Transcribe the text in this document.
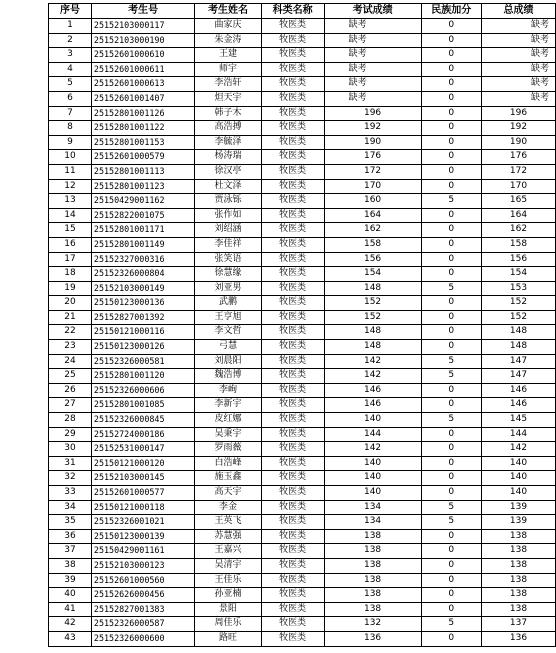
序号	考生号	考生姓名	科类名称	考试成绩	民族加分	总成绩
1	25152103000117	曲家庆	牧医类	缺考	0	缺考
2	25152103000190	朱金涛	牧医类	缺考	0	缺考
3	25152601000610	王建	牧医类	缺考	0	缺考
4	25152601000611	师宇	牧医类	缺考	0	缺考
5	25152601000613	李浩轩	牧医类	缺考	0	缺考
6	25152601001407	炟天宇	牧医类	缺考	0	缺考
7	25152801001126	韩子木	牧医类	196	0	196
8	25152801001122	高浩搏	牧医类	192	0	192
9	25152801001153	李毓泽	牧医类	190	0	190
10	25152601000579	杨涛瑞	牧医类	176	0	176
11	25152801001113	徐汉亭	牧医类	172	0	172
12	25152801001123	杜文泽	牧医类	170	0	170
13	25150429001162	贾泳铄	牧医类	160	5	165
14	25152822001075	张作如	牧医类	164	0	164
15	25152801001171	刘绍涵	牧医类	162	0	162
16	25152801001149	李佳祥	牧医类	158	0	158
17	25152327000316	张笑语	牧医类	156	0	156
18	25152326000804	徐慧缘	牧医类	154	0	154
19	25152103000149	刘亚男	牧医类	148	5	153
20	25150123000136	武鹏	牧医类	152	0	152
21	25152827001392	王亨旭	牧医类	152	0	152
22	25150121000116	李文哲	牧医类	148	0	148
23	25150123000126	弓慧	牧医类	148	0	148
24	25152326000581	刘晨阳	牧医类	142	5	147
25	25152801001120	魏浩博	牧医类	142	5	147
26	25152326000606	李峋	牧医类	146	0	146
27	25152801001085	李新宇	牧医类	146	0	146
28	25152326000845	皮红娜	牧医类	140	5	145
29	25152724000186	吴秉宇	牧医类	144	0	144
30	25152531000147	罗雨薇	牧医类	142	0	142
31	25150121000120	白浩峰	牧医类	140	0	140
32	25152103000145	施玉鑫	牧医类	140	0	140
33	25152601000577	高天宇	牧医类	140	0	140
34	25150121000118	李金	牧医类	134	5	139
35	25152326001021	王英飞	牧医类	134	5	139
36	25150123000139	苏慧强	牧医类	138	0	138
37	25150429001161	王嘉兴	牧医类	138	0	138
38	25152103000123	吴清宇	牧医类	138	0	138
39	25152601000560	王佳乐	牧医类	138	0	138
40	25152626000456	孙亚楠	牧医类	138	0	138
41	25152827001383	景阳	牧医类	138	0	138
42	25152326000587	周佳乐	牧医类	132	5	137
43	25152326000600	路旺	牧医类	136	0	136
